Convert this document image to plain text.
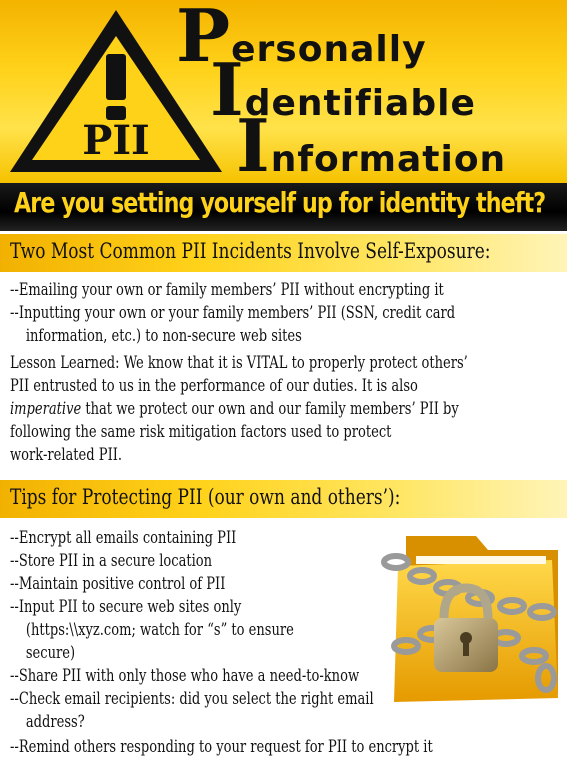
PII
Personally
Identifiable
Information
Are you setting yourself up for identity theft?
Two Most Common PII Incidents Involve Self-Exposure:
--Emailing your own or family members’ PII without encrypting it
--Inputting your own or your family members’ PII (SSN, credit card
information, etc.) to non-secure web sites
Lesson Learned: We know that it is VITAL to properly protect others’
PII entrusted to us in the performance of our duties. It is also
imperative that we protect our own and our family members’ PII by
following the same risk mitigation factors used to protect
work-related PII.
Tips for Protecting PII (our own and others’):
--Encrypt all emails containing PII
--Store PII in a secure location
--Maintain positive control of PII
--Input PII to secure web sites only
(https:\\xyz.com; watch for “s” to ensure
secure)
--Share PII with only those who have a need-to-know
--Check email recipients: did you select the right email
address?
--Remind others responding to your request for PII to encrypt it
